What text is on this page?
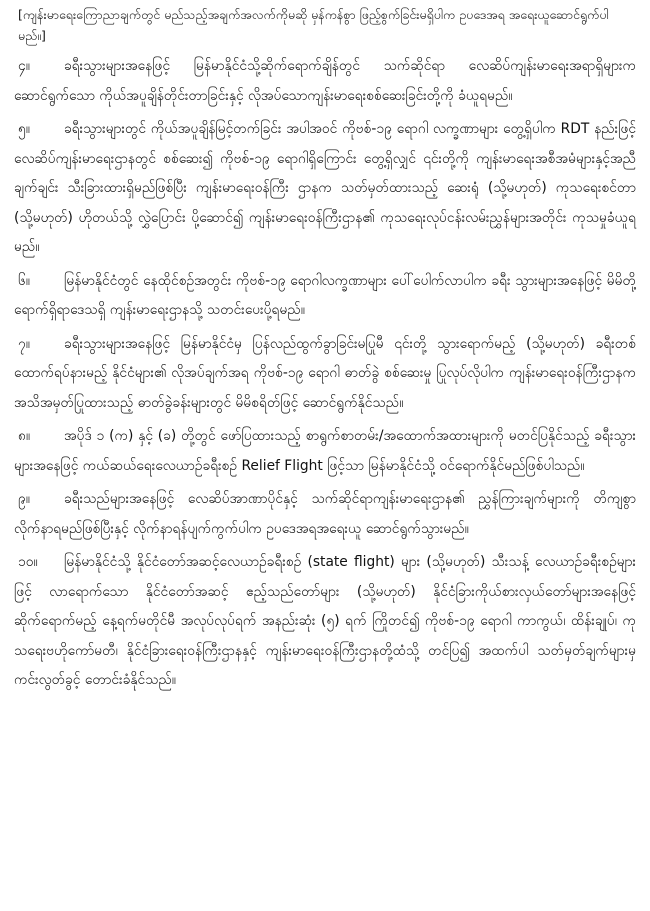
[ကျန်းမာရေးကြောညာချက်တွင် မည်သည့်အချက်အလက်ကိုမဆို မှန်ကန်စွာ ဖြည့်စွက်ခြင်းမရှိပါက ဥပဒေအရ အရေးယူဆောင်ရွက်ပါမည်။]

၄။ ခရီးသွားများအနေဖြင့် မြန်မာနိုင်ငံသို့ဆိုက်ရောက်ချိန်တွင် သက်ဆိုင်ရာ လေဆိပ်ကျန်းမာရေးအရာရှိများက ဆောင်ရွက်သော ကိုယ်အပူချိန်တိုင်းတာခြင်းနှင့် လိုအပ်သောကျန်းမာရေးစစ်ဆေးခြင်းတို့ကို ခံယူရမည်။

၅။ ခရီးသွားများတွင် ကိုယ်အပူချိန်မြင့်တက်ခြင်း အပါအဝင် ကိုဗစ်-၁၉ ရောဂါ လက္ခဏာများ တွေ့ရှိပါက RDT နည်းဖြင့် လေဆိပ်ကျန်းမာရေးဌာနတွင် စစ်ဆေး၍ ကိုဗစ်-၁၉ ရောဂါရှိကြောင်း တွေ့ရှိလျှင် ၎င်းတို့ကို ကျန်းမာရေးအစီအမံများနှင့်အညီ ချက်ချင်း သီးခြားထားရှိမည်ဖြစ်ပြီး ကျန်းမာရေးဝန်ကြီး ဌာနက သတ်မှတ်ထားသည့် ဆေးရုံ (သို့မဟုတ်) ကုသရေးစင်တာ (သို့မဟုတ်) ဟိုတယ်သို့ လွှဲပြောင်း ပို့ဆောင်၍ ကျန်းမာရေးဝန်ကြီးဌာန၏ ကုသရေးလုပ်ငန်းလမ်းညွှန်များအတိုင်း ကုသမှုခံယူရမည်။

၆။ မြန်မာနိုင်ငံတွင် နေထိုင်စဉ်အတွင်း ကိုဗစ်-၁၉ ရောဂါလက္ခဏာများ ပေါ်ပေါက်လာပါက ခရီး သွားများအနေဖြင့် မိမိတို့ရောက်ရှိရာဒေသရှိ ကျန်းမာရေးဌာနသို့ သတင်းပေးပို့ရမည်။

၇။ ခရီးသွားများအနေဖြင့် မြန်မာနိုင်ငံမှ ပြန်လည်ထွက်ခွာခြင်းမပြုမီ ၎င်းတို့ သွားရောက်မည့် (သို့မဟုတ်) ခရီးတစ်ထောက်ရပ်နားမည့် နိုင်ငံများ၏ လိုအပ်ချက်အရ ကိုဗစ်-၁၉ ရောဂါ ဓာတ်ခွဲ စစ်ဆေးမှု ပြုလုပ်လိုပါက ကျန်းမာရေးဝန်ကြီးဌာနက အသိအမှတ်ပြုထားသည့် ဓာတ်ခွဲခန်းများတွင် မိမိစရိတ်ဖြင့် ဆောင်ရွက်နိုင်သည်။

၈။ အပိုဒ် ၁ (က) နှင့် (ခ) တို့တွင် ဖော်ပြထားသည့် စာရွက်စာတမ်း/အထောက်အထားများကို မတင်ပြနိုင်သည့် ခရီးသွားများအနေဖြင့် ကယ်ဆယ်ရေးလေယာဉ်ခရီးစဉ် Relief Flight ဖြင့်သာ မြန်မာနိုင်ငံသို့ ဝင်ရောက်နိုင်မည်ဖြစ်ပါသည်။

၉။ ခရီးသည်များအနေဖြင့် လေဆိပ်အာဏာပိုင်နှင့် သက်ဆိုင်ရာကျန်းမာရေးဌာန၏ ညွှန်ကြားချက်များကို တိကျစွာလိုက်နာရမည်ဖြစ်ပြီးနှင့် လိုက်နာရန်ပျက်ကွက်ပါက ဥပဒေအရအရေးယူ ဆောင်ရွက်သွားမည်။

၁၀။ မြန်မာနိုင်ငံသို့ နိုင်ငံတော်အဆင့်လေယာဉ်ခရီးစဉ် (state flight) များ (သို့မဟုတ်) သီးသန့် လေယာဉ်ခရီးစဉ်များဖြင့် လာရောက်သော နိုင်ငံတော်အဆင့် ဧည့်သည်တော်များ (သို့မဟုတ်) နိုင်ငံခြားကိုယ်စားလှယ်တော်များအနေဖြင့် ဆိုက်ရောက်မည့် နေ့ရက်မတိုင်မီ အလုပ်လုပ်ရက် အနည်းဆုံး (၅) ရက် ကြိုတင်၍ ကိုဗစ်-၁၉ ရောဂါ ကာကွယ်၊ ထိန်းချုပ်၊ ကုသရေးဗဟိုကော်မတီ၊ နိုင်ငံခြားရေးဝန်ကြီးဌာနနှင့် ကျန်းမာရေးဝန်ကြီးဌာနတို့ထံသို့ တင်ပြ၍ အထက်ပါ သတ်မှတ်ချက်များမှ ကင်းလွတ်ခွင့် တောင်းခံနိုင်သည်။
